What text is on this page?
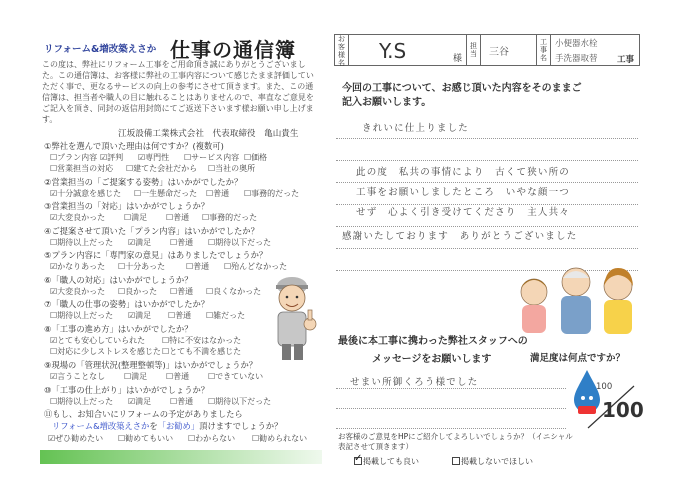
リフォーム&増改築えさか 仕事の通信簿
この度は、弊社にリフォーム工事をご用命頂き誠にありがとうございました。この通信簿は、お客様に弊社の工事内容について感じたまま評価していただく事で、更なるサービスの向上の参考にさせて頂きます。また、この通信簿は、担当者や職人の目に触れることはありませんので、率直なご意見をご記入を頂き、同封の返信用封筒にてご返送下さいます様お願い申し上げます。
江坂設備工業株式会社　代表取締役　亀山貴生
①弊社を選んで頂いた理由は何ですか？(複数可)
☐プラン内容 ☑評判 ☑専門性 ☐サービス内容 ☐価格
☐営業担当の対応 ☐建てた会社だから ☐当社の奥所
②営業担当の「ご提案する姿勢」はいかがでしたか？
☑十分誠意を感じた ☐一生懸命だった ☐普通 ☐事務的だった
③営業担当の「対応」はいかがでしょうか？
☑大変良かった ☐満足 ☐普通 ☐事務的だった
④ご提案させて頂いた「プラン内容」はいかがでしたか？
☐期待以上だった ☑満足 ☐普通 ☐期待以下だった
⑤プラン内容に「専門家の意見」はありましたでしょうか？
☑かなりあった ☐十分あった	☐普通 ☐殆んどなかった
⑥「職人の対応」はいかがでしょうか？
☑大変良かった ☐良かった ☐普通 ☐良くなかった
⑦「職人の仕事の姿勢」はいかがでしたか？
☐期待以上だった ☑満足 ☐普通 ☐雑だった
⑧「工事の進め方」はいかがでしたか？
☑とても安心していられた ☐特に不安はなかった
☐対応に少しストレスを感じた ☐とても不満を感じた
⑨現場の「管理状況(整理整頓等)」はいかがでしょうか？
☑言うことなし ☐満足 ☐普通 ☐できていない
⑩「工事の仕上がり」はいかがでしょうか？
☐期待以上だった ☑満足 ☐普通 ☐期待以下だった
⑪もし、お知合いにリフォームの予定がありましたら
リフォーム&増改築えさかを「お勧め」頂けますでしょうか？
☑ぜひ勧めたい ☐勧めてもいい ☐わからない ☐勧められない
お客様名 Y.S	様
担当 三谷
工事名
小便器水栓
手洗器取替 工事
今回の工事について、お感じ頂いた内容をそのままご
記入お願いします。
きれいに仕上りました
此の度　私共の事情により　古くて狭い所の
工事をお願いしましたところ　いやな顔一つ
せず　心よく引き受けてくださり　主人共々
感謝いたしております　ありがとうございました
最後に本工事に携わった弊社スタッフへの
メッセージをお願いします	満足度は何点ですか？
せまい所御くろう様でした	100
100
お客様のご意見をHPにご紹介してよろしいでしょうか？（イニシャル表記させて頂きます）
✓掲載しても良い	掲載しないでほしい
